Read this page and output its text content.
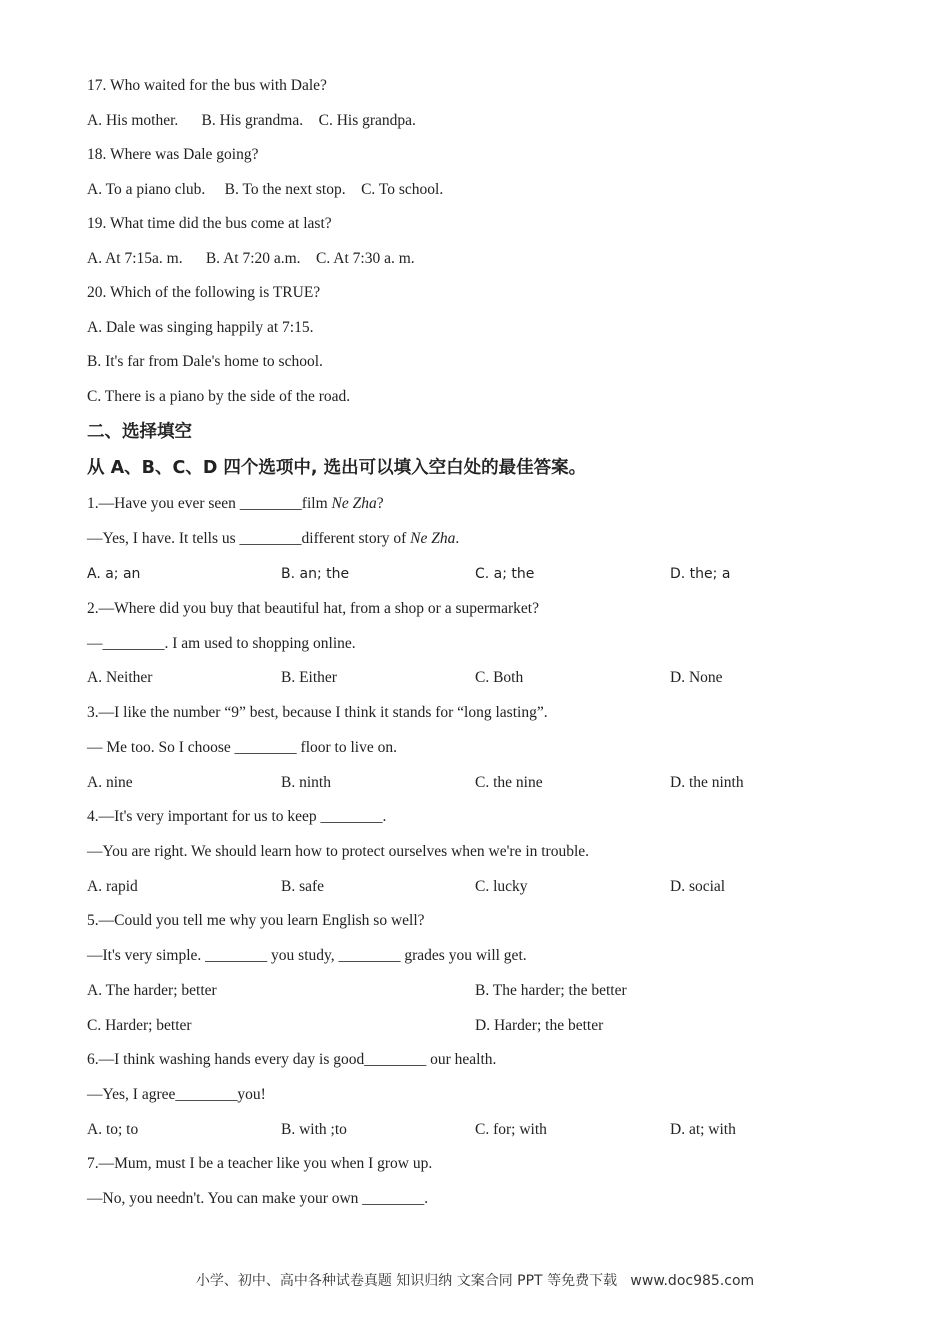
17. Who waited for the bus with Dale?
A. His mother.      B. His grandma.    C. His grandpa.
18. Where was Dale going?
A. To a piano club.     B. To the next stop.    C. To school.
19. What time did the bus come at last?
A. At 7:15a. m.      B. At 7:20 a.m.    C. At 7:30 a. m.
20. Which of the following is TRUE?
A. Dale was singing happily at 7:15.
B. It's far from Dale's home to school.
C. There is a piano by the side of the road.
二、选择填空
从 A、B、C、D 四个选项中, 选出可以填入空白处的最佳答案。
1.—Have you ever seen ________film Ne Zha?
—Yes, I have. It tells us ________different story of Ne Zha.
A. a; an	B. an; the	C. a; the	D. the; a
2.—Where did you buy that beautiful hat, from a shop or a supermarket?
—________. I am used to shopping online.
A. Neither	B. Either	C. Both	D. None
3.—I like the number “9” best, because I think it stands for “long lasting”.
— Me too. So I choose ________ floor to live on.
A. nine	B. ninth	C. the nine	D. the ninth
4.—It's very important for us to keep ________.
—You are right. We should learn how to protect ourselves when we're in trouble.
A. rapid	B. safe	C. lucky	D. social
5.—Could you tell me why you learn English so well?
—It's very simple. ________ you study, ________ grades you will get.
A. The harder; better	B. The harder; the better
C. Harder; better	D. Harder; the better
6.—I think washing hands every day is good________ our health.
—Yes, I agree________you!
A. to; to	B. with ;to	C. for; with	D. at; with
7.—Mum, must I be a teacher like you when I grow up.
—No, you needn't. You can make your own ________.
小学、初中、高中各种试卷真题 知识归纳 文案合同 PPT 等免费下载   www.doc985.com
